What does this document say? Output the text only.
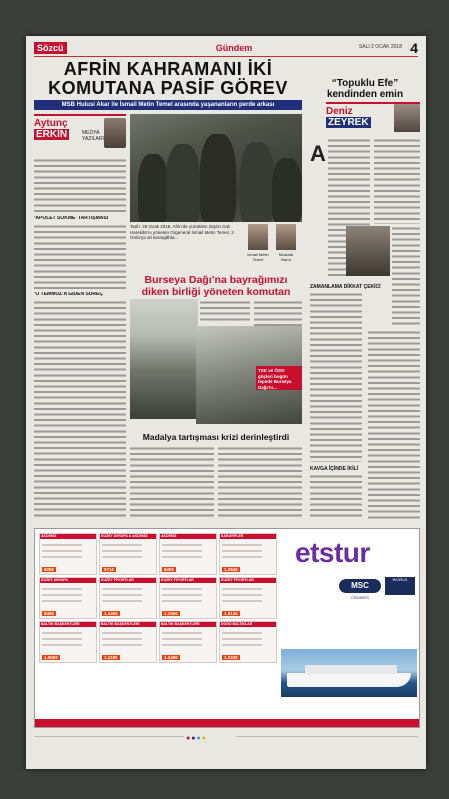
Sözcü	Gündem	SALI 2 OCAK 2018 4
AFRİN KAHRAMANI İKİ
KOMUTANA PASİF GÖREV
MSB Hulusi Akar ile İsmail Metin Temel arasında yaşananların perde arkası
Aytunç
ERKİN	MEDYA YAZILARI
‘APOLET SÖKME’ TARTIŞMASI
‘O TEMMUZ’A GİDEN SÜREÇ
Tarih: 28 Ocak 2018. Afrin’de yürütülen Zeytin Dalı Harekâtı’nı yöneten Orgeneral İsmail Metin Temel, 2. Ordu’ya ait karargâhta...
İsmail Metin Temel
Mustafa Barut
Burseya Dağı’na bayrağımızı
diken birliği yöneten komutan
TSK ve ÖSO güçleri bugün tepede Burseya Dağı’nı...
Madalya tartışması krizi derinleştirdi
“Topuklu Efe”
kendinden emin
Deniz
ZEYREK
A
ZAMANLAMA DİKKAT ÇEKİCİ
KAVGA İÇİNDE İKİLİ
AKDENİZ
629€
KUZEY AVRUPA & AKDENİZ
971€
AKDENİZ
640€
KARAYİPLER
1.284€
KUZEY AVRUPA
849€
KUZEY FİYORTLAR
1.149€
KUZEY FİYORTLAR
1.159€
KUZEY FİYORTLAR
1.513€
BALTIK BAŞKENTLERİ
1.050€
BALTIK BAŞKENTLERİ
1.119€
BALTIK BAŞKENTLERİ
1.249€
DOĞU BALTIKLAR
1.033€
etstur
MSC
WORLD
CRUISES
●●●●
